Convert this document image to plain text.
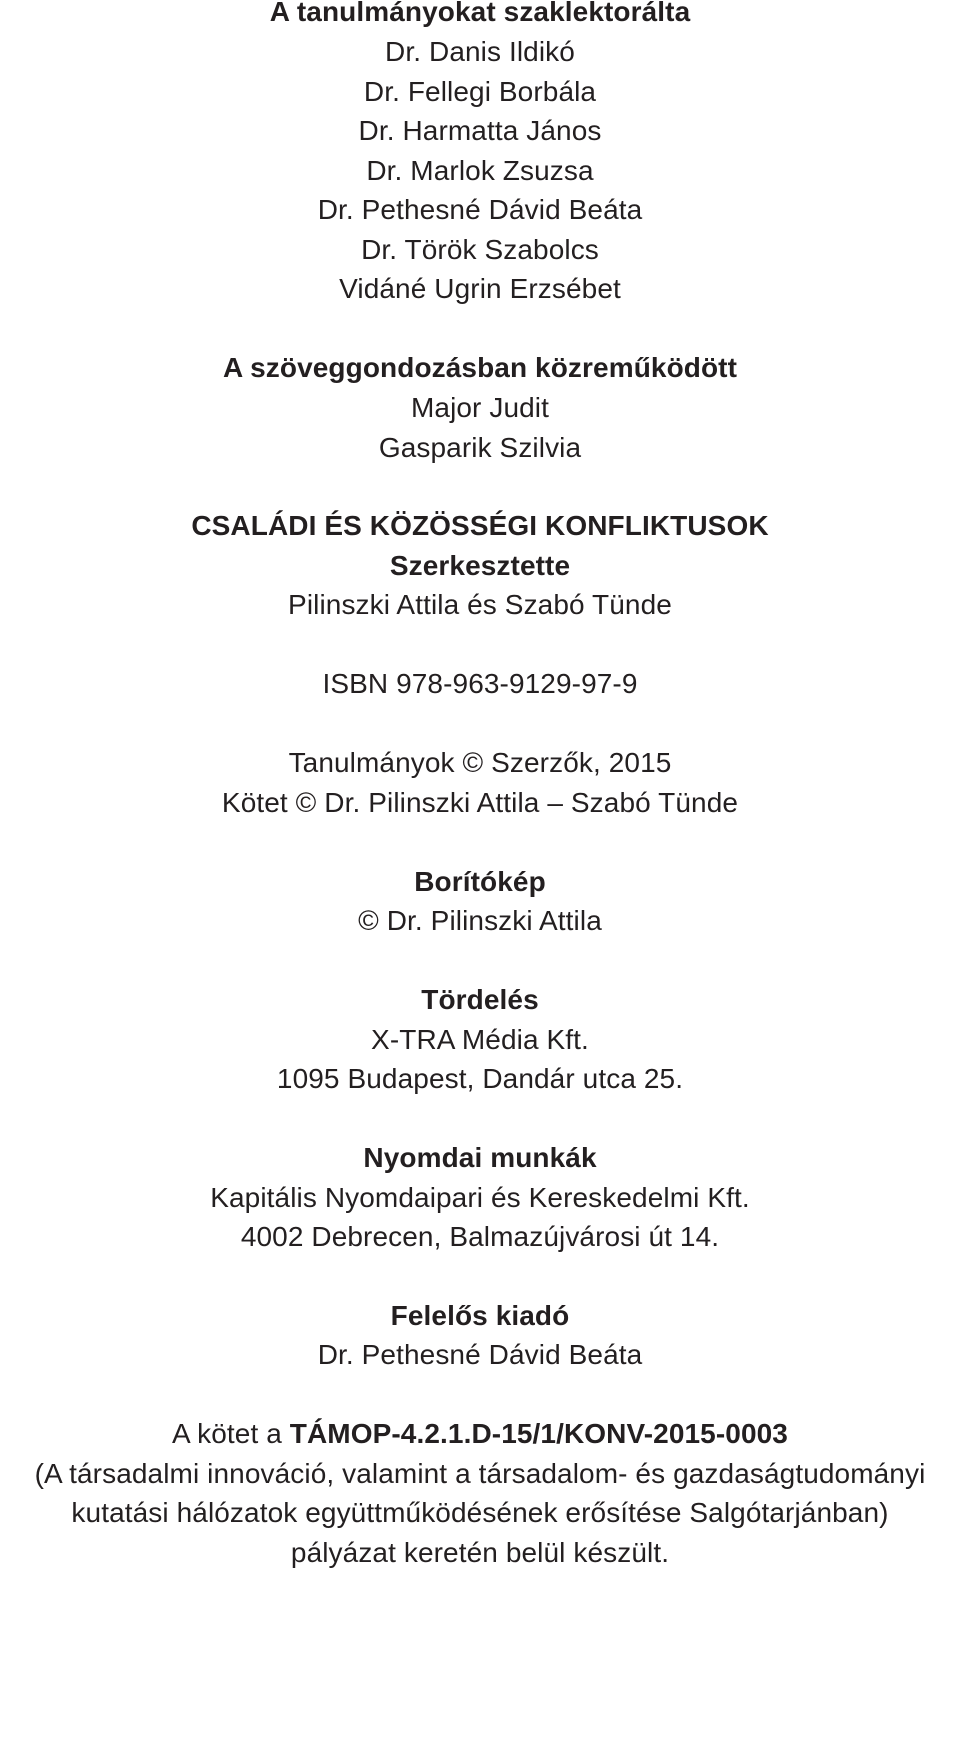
A tanulmányokat szaklektorálta
Dr. Danis Ildikó
Dr. Fellegi Borbála
Dr. Harmatta János
Dr. Marlok Zsuzsa
Dr. Pethesné Dávid Beáta
Dr. Török Szabolcs
Vidáné Ugrin Erzsébet
A szöveggondozásban közreműködött
Major Judit
Gasparik Szilvia
CSALÁDI ÉS KÖZÖSSÉGI KONFLIKTUSOK
Szerkesztette
Pilinszki Attila és Szabó Tünde
ISBN 978-963-9129-97-9
Tanulmányok © Szerzők, 2015
Kötet © Dr. Pilinszki Attila – Szabó Tünde
Borítókép
© Dr. Pilinszki Attila
Tördelés
X-TRA Média Kft.
1095 Budapest, Dandár utca 25.
Nyomdai munkák
Kapitális Nyomdaipari és Kereskedelmi Kft.
4002 Debrecen, Balmazújvárosi út 14.
Felelős kiadó
Dr. Pethesné Dávid Beáta
A kötet a TÁMOP-4.2.1.D-15/1/KONV-2015-0003
(A társadalmi innováció, valamint a társadalom- és gazdaságtudományi
kutatási hálózatok együttműködésének erősítése Salgótarjánban)
pályázat keretén belül készült.
